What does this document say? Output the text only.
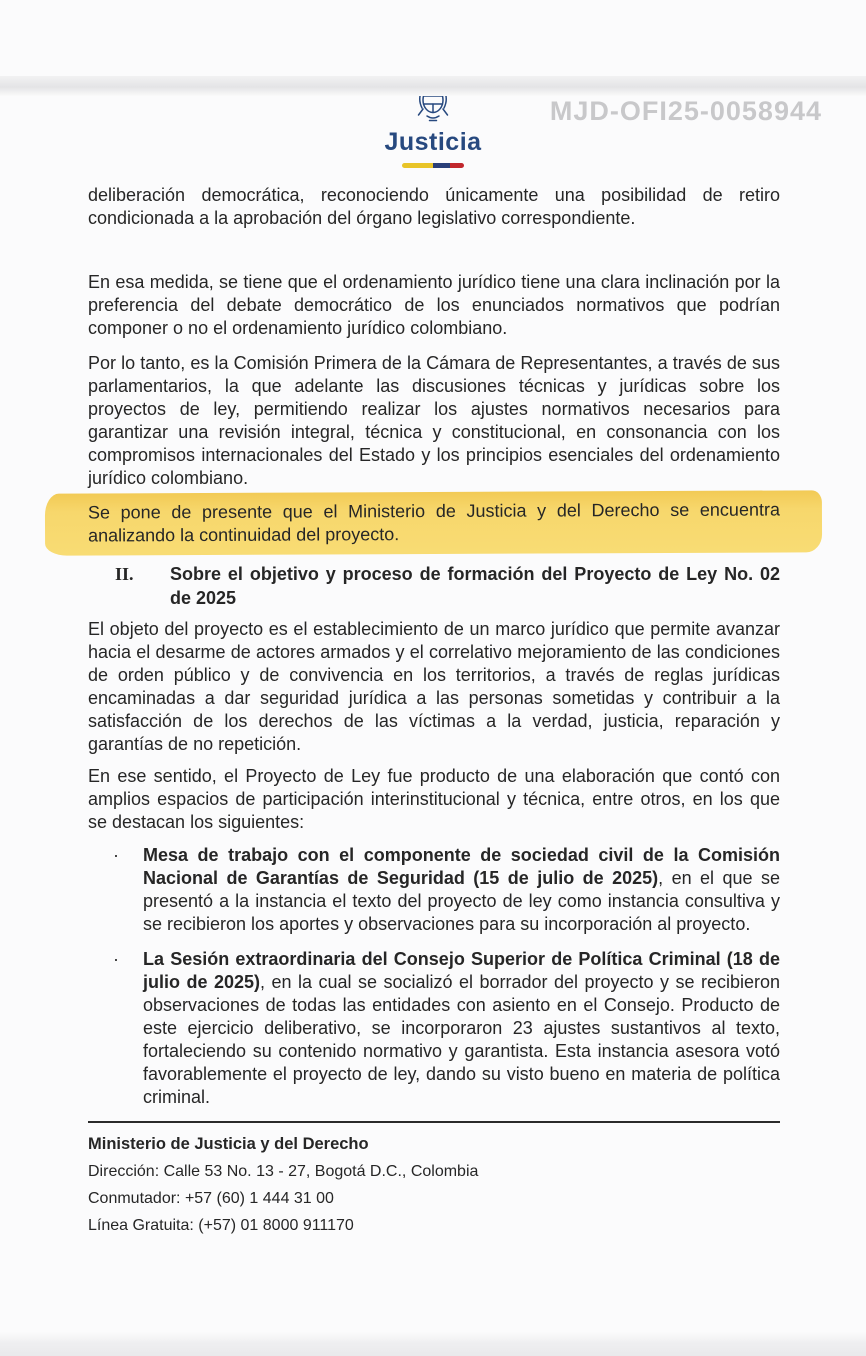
MJD-OFI25-0058944
Justicia

deliberación democrática, reconociendo únicamente una posibilidad de retiro condicionada a la aprobación del órgano legislativo correspondiente.

En esa medida, se tiene que el ordenamiento jurídico tiene una clara inclinación por la preferencia del debate democrático de los enunciados normativos que podrían componer o no el ordenamiento jurídico colombiano.

Por lo tanto, es la Comisión Primera de la Cámara de Representantes, a través de sus parlamentarios, la que adelante las discusiones técnicas y jurídicas sobre los proyectos de ley, permitiendo realizar los ajustes normativos necesarios para garantizar una revisión integral, técnica y constitucional, en consonancia con los compromisos internacionales del Estado y los principios esenciales del ordenamiento jurídico colombiano.

Se pone de presente que el Ministerio de Justicia y del Derecho se encuentra analizando la continuidad del proyecto.

II.	Sobre el objetivo y proceso de formación del Proyecto de Ley No. 02 de 2025

El objeto del proyecto es el establecimiento de un marco jurídico que permite avanzar hacia el desarme de actores armados y el correlativo mejoramiento de las condiciones de orden público y de convivencia en los territorios, a través de reglas jurídicas encaminadas a dar seguridad jurídica a las personas sometidas y contribuir a la satisfacción de los derechos de las víctimas a la verdad, justicia, reparación y garantías de no repetición.

En ese sentido, el Proyecto de Ley fue producto de una elaboración que contó con amplios espacios de participación interinstitucional y técnica, entre otros, en los que se destacan los siguientes:

·	Mesa de trabajo con el componente de sociedad civil de la Comisión Nacional de Garantías de Seguridad (15 de julio de 2025), en el que se presentó a la instancia el texto del proyecto de ley como instancia consultiva y se recibieron los aportes y observaciones para su incorporación al proyecto.

·	La Sesión extraordinaria del Consejo Superior de Política Criminal (18 de julio de 2025), en la cual se socializó el borrador del proyecto y se recibieron observaciones de todas las entidades con asiento en el Consejo. Producto de este ejercicio deliberativo, se incorporaron 23 ajustes sustantivos al texto, fortaleciendo su contenido normativo y garantista. Esta instancia asesora votó favorablemente el proyecto de ley, dando su visto bueno en materia de política criminal.

Ministerio de Justicia y del Derecho
Dirección: Calle 53 No. 13 - 27, Bogotá D.C., Colombia
Conmutador: +57 (60) 1 444 31 00
Línea Gratuita: (+57) 01 8000 911170
